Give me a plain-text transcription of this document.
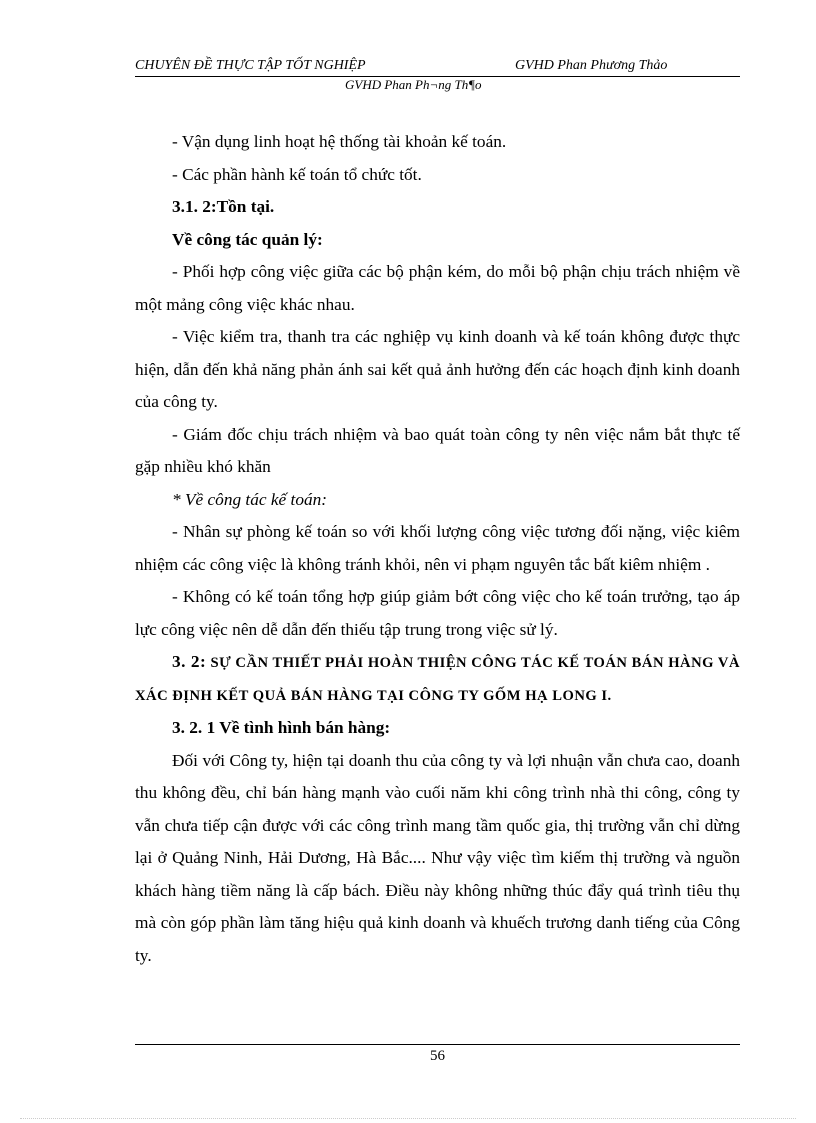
CHUYÊN ĐỀ THỰC TẬP TỐT NGHIỆP	GVHD Phan Phương Thảo
GVHD Phan Ph¬ng Th¶o

- Vận dụng linh hoạt hệ thống tài khoản kế toán.

- Các phần hành kế toán tổ chức tốt.

3.1. 2:Tồn tại.

Về công tác quản lý:

- Phối hợp công việc giữa các bộ phận kém, do mỗi bộ phận chịu trách nhiệm về một mảng công việc khác nhau.

- Việc kiểm tra, thanh tra các nghiệp vụ kinh doanh và kế toán không được thực hiện, dẫn đến khả năng phản ánh sai kết quả ảnh hưởng đến các hoạch định kinh doanh của công ty.

- Giám đốc chịu trách nhiệm và bao quát toàn công ty nên việc nắm bắt thực tế gặp nhiều khó khăn

* Về công tác kế toán:

- Nhân sự phòng kế toán so với khối lượng công việc tương đối nặng, việc kiêm nhiệm các công việc là không tránh khỏi, nên vi phạm nguyên tắc bất kiêm nhiệm .

- Không có kế toán tổng hợp giúp giảm bớt công việc cho kế toán trưởng, tạo áp lực công việc nên dễ dẫn đến thiếu tập trung trong việc sử lý.

3. 2: SỰ CẦN THIẾT PHẢI HOÀN THIỆN CÔNG TÁC KẾ TOÁN BÁN HÀNG VÀ XÁC ĐỊNH KẾT QUẢ BÁN HÀNG TẠI CÔNG TY GỐM HẠ LONG I.

3. 2. 1 Về tình hình bán hàng:

Đối với Công ty, hiện tại doanh thu của công ty và lợi nhuận vẫn chưa cao, doanh thu không đều, chỉ bán hàng mạnh vào cuối năm khi công trình nhà thi công, công ty vẫn chưa tiếp cận được với các công trình mang tầm quốc gia, thị trường vẫn chỉ dừng lại ở Quảng Ninh, Hải Dương, Hà Bắc.... Như vậy việc tìm kiếm thị trường và nguồn khách hàng tiềm năng là cấp bách. Điều này không những thúc đẩy quá trình tiêu thụ mà còn góp phần làm tăng hiệu quả kinh doanh và khuếch trương danh tiếng của Công ty.

56
